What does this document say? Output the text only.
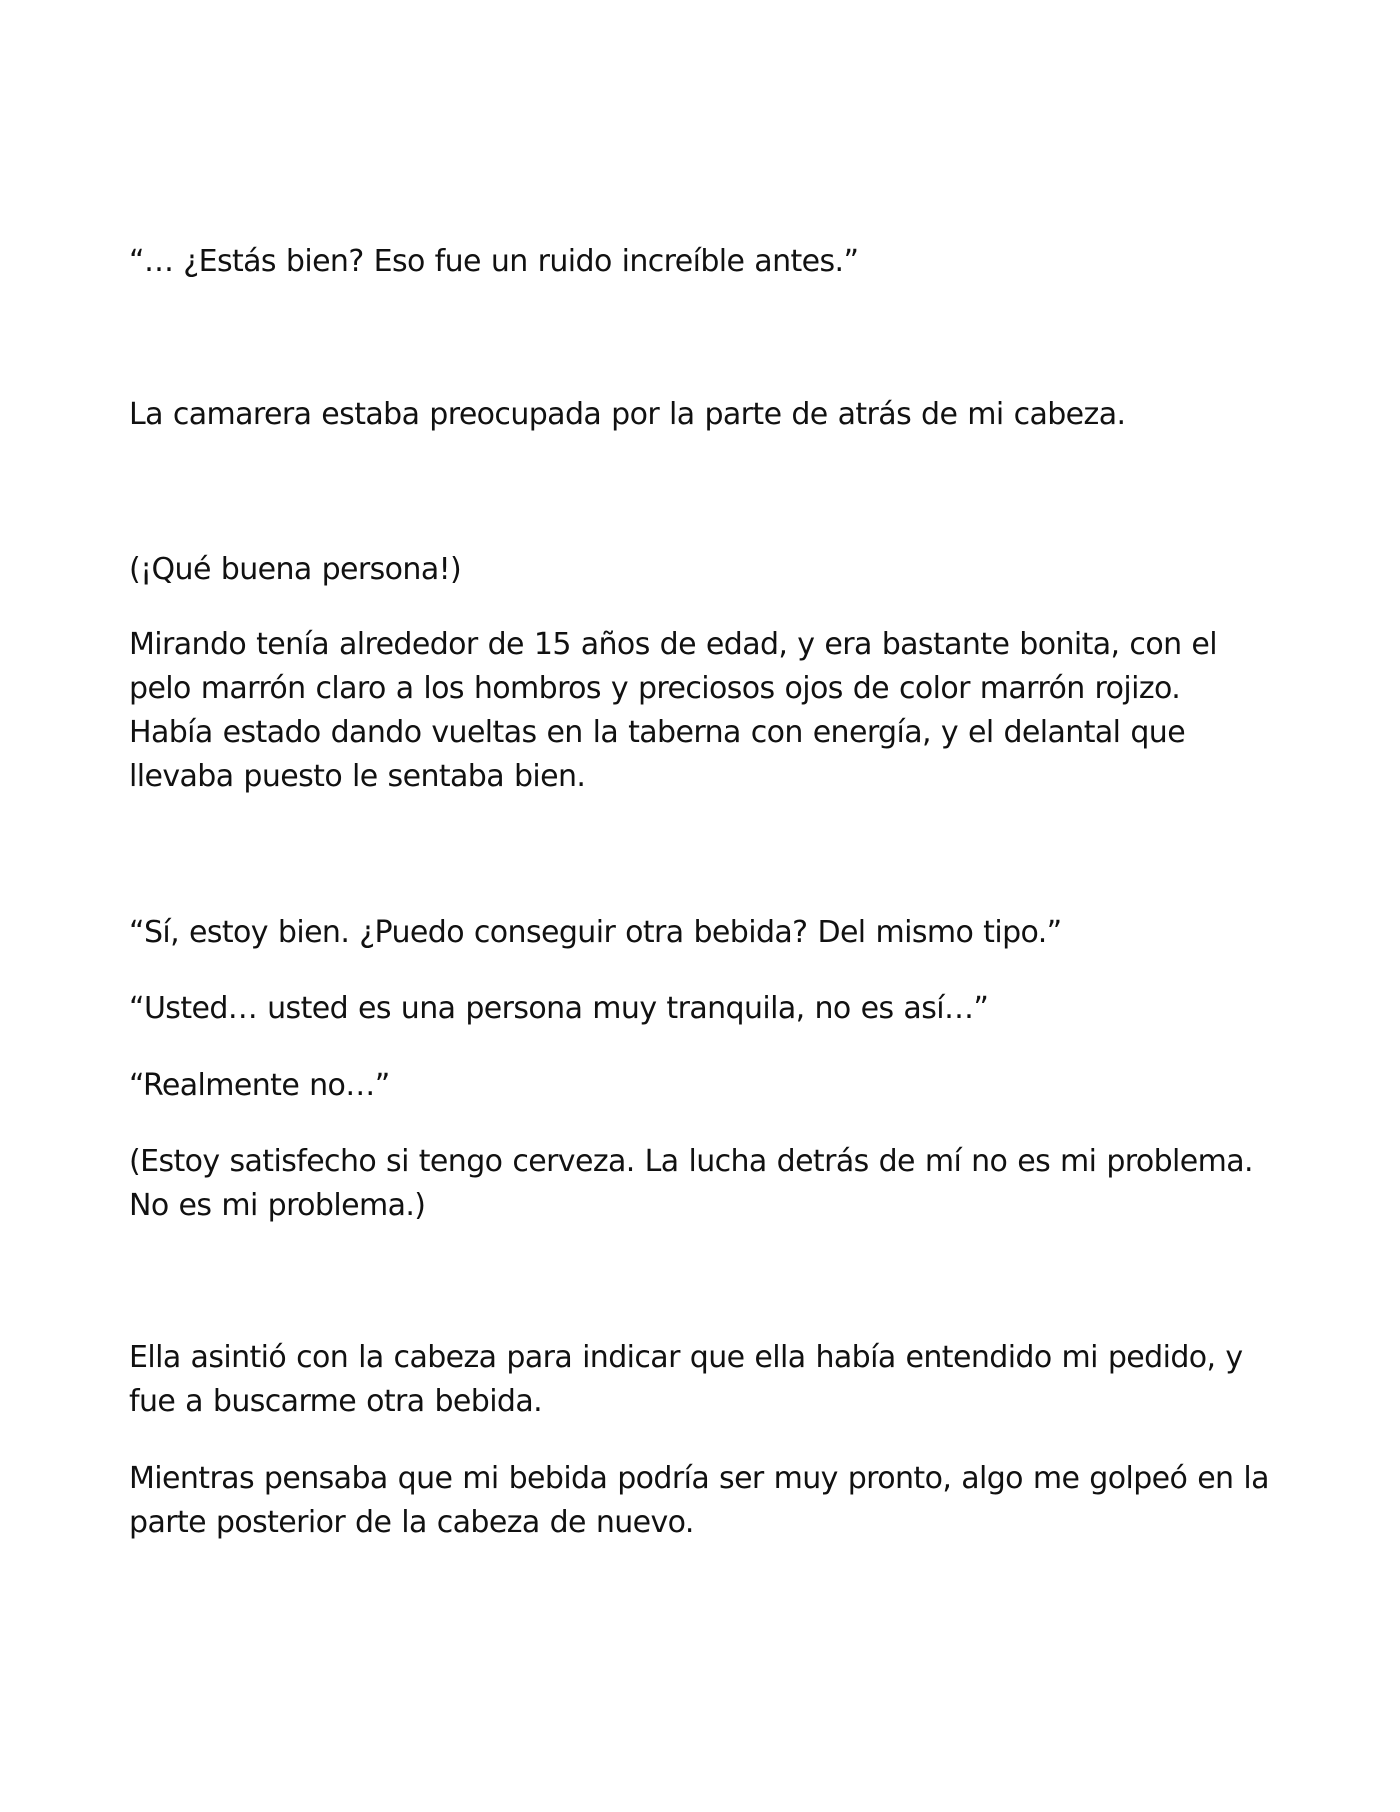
“… ¿Estás bien? Eso fue un ruido increíble antes.”

La camarera estaba preocupada por la parte de atrás de mi cabeza.

(¡Qué buena persona!)

Mirando tenía alrededor de 15 años de edad, y era bastante bonita, con el
pelo marrón claro a los hombros y preciosos ojos de color marrón rojizo.
Había estado dando vueltas en la taberna con energía, y el delantal que
llevaba puesto le sentaba bien.

“Sí, estoy bien. ¿Puedo conseguir otra bebida? Del mismo tipo.”

“Usted… usted es una persona muy tranquila, no es así…”

“Realmente no…”

(Estoy satisfecho si tengo cerveza. La lucha detrás de mí no es mi problema.
No es mi problema.)

Ella asintió con la cabeza para indicar que ella había entendido mi pedido, y
fue a buscarme otra bebida.

Mientras pensaba que mi bebida podría ser muy pronto, algo me golpeó en la
parte posterior de la cabeza de nuevo.
